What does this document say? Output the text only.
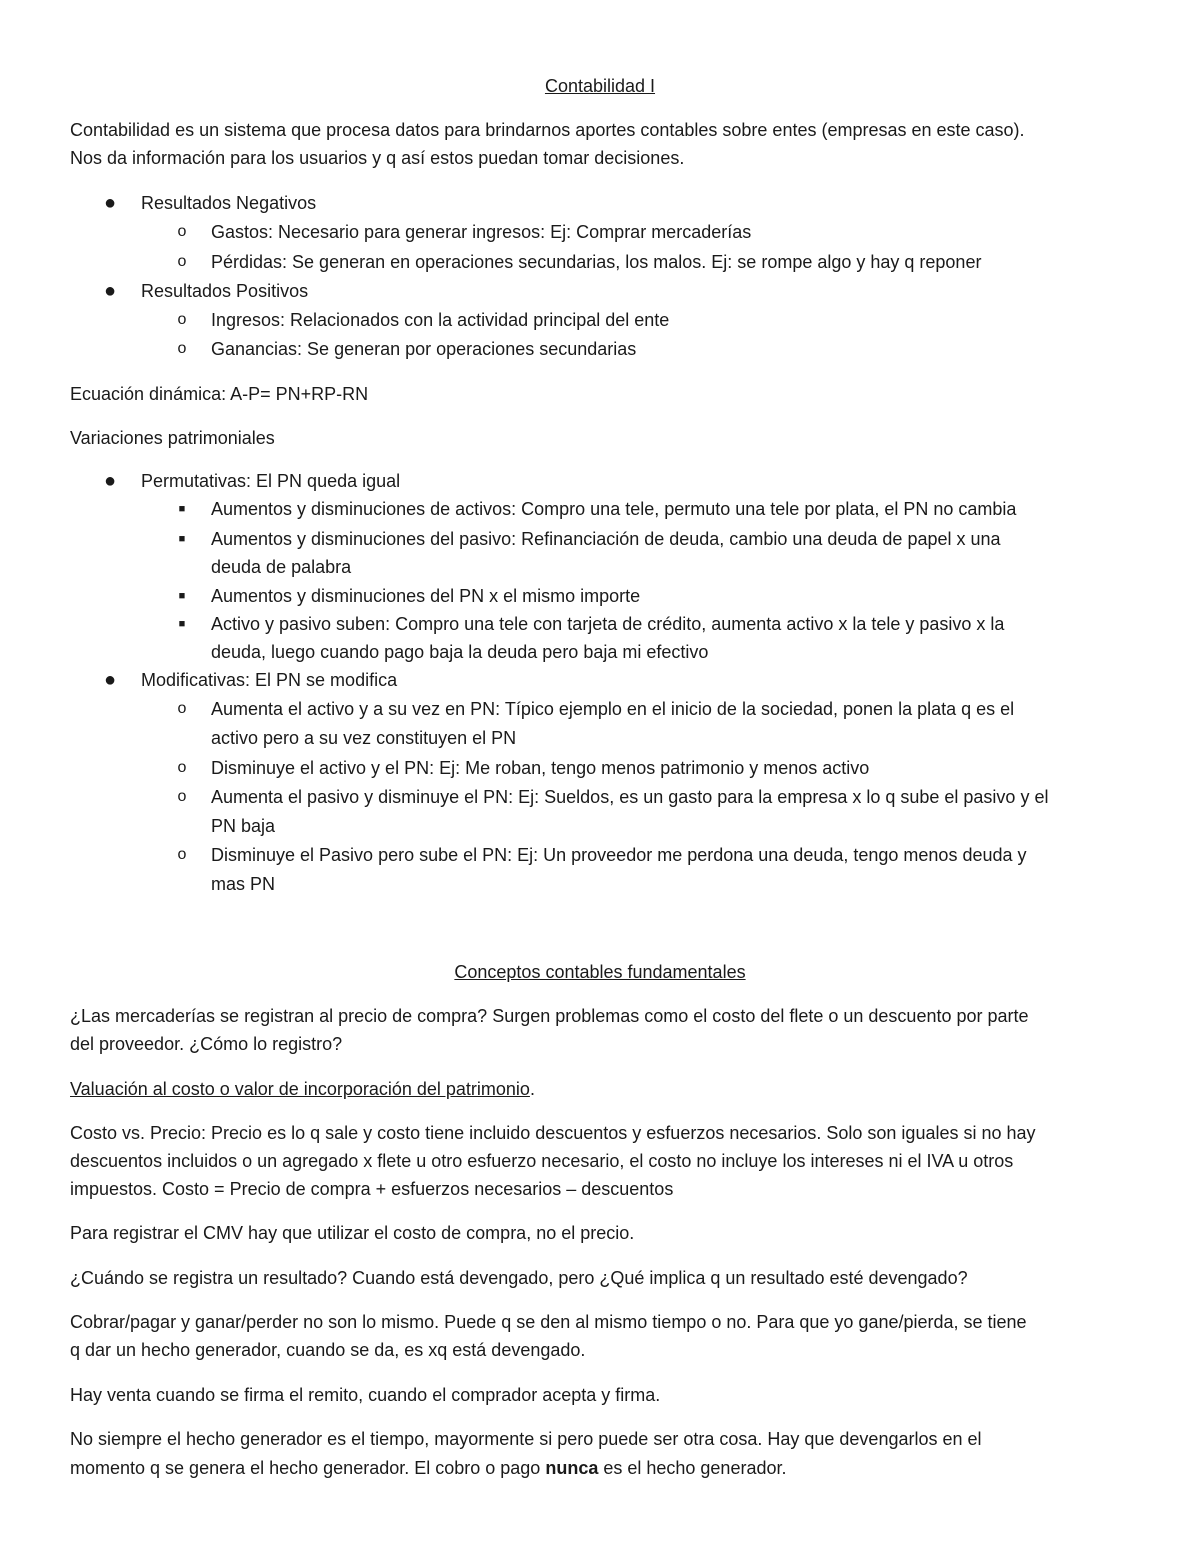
Contabilidad I
Contabilidad es un sistema que procesa datos para brindarnos aportes contables sobre entes (empresas en este caso).
Nos da información para los usuarios y q así estos puedan tomar decisiones.
● Resultados Negativos
o	Gastos: Necesario para generar ingresos: Ej: Comprar mercaderías
o	Pérdidas: Se generan en operaciones secundarias, los malos. Ej: se rompe algo y hay q reponer
● Resultados Positivos
o	Ingresos: Relacionados con la actividad principal del ente
o	Ganancias: Se generan por operaciones secundarias
Ecuación dinámica: A-P= PN+RP-RN
Variaciones patrimoniales
● Permutativas: El PN queda igual
■	Aumentos y disminuciones de activos: Compro una tele, permuto una tele por plata, el PN no cambia
■	Aumentos y disminuciones del pasivo: Refinanciación de deuda, cambio una deuda de papel x una
deuda de palabra
■	Aumentos y disminuciones del PN x el mismo importe
■	Activo y pasivo suben: Compro una tele con tarjeta de crédito, aumenta activo x la tele y pasivo x la
deuda, luego cuando pago baja la deuda pero baja mi efectivo
● Modificativas: El PN se modifica
o	Aumenta el activo y a su vez en PN: Típico ejemplo en el inicio de la sociedad, ponen la plata q es el
activo pero a su vez constituyen el PN
o	Disminuye el activo y el PN: Ej: Me roban, tengo menos patrimonio y menos activo
o	Aumenta el pasivo y disminuye el PN: Ej: Sueldos, es un gasto para la empresa x lo q sube el pasivo y el
PN baja
o	Disminuye el Pasivo pero sube el PN: Ej: Un proveedor me perdona una deuda, tengo menos deuda y
mas PN
Conceptos contables fundamentales
¿Las mercaderías se registran al precio de compra? Surgen problemas como el costo del flete o un descuento por parte
del proveedor. ¿Cómo lo registro?
Valuación al costo o valor de incorporación del patrimonio.
Costo vs. Precio: Precio es lo q sale y costo tiene incluido descuentos y esfuerzos necesarios. Solo son iguales si no hay
descuentos incluidos o un agregado x flete u otro esfuerzo necesario, el costo no incluye los intereses ni el IVA u otros
impuestos. Costo = Precio de compra + esfuerzos necesarios – descuentos
Para registrar el CMV hay que utilizar el costo de compra, no el precio.
¿Cuándo se registra un resultado? Cuando está devengado, pero ¿Qué implica q un resultado esté devengado?
Cobrar/pagar y ganar/perder no son lo mismo. Puede q se den al mismo tiempo o no. Para que yo gane/pierda, se tiene
q dar un hecho generador, cuando se da, es xq está devengado.
Hay venta cuando se firma el remito, cuando el comprador acepta y firma.
No siempre el hecho generador es el tiempo, mayormente si pero puede ser otra cosa. Hay que devengarlos en el
momento q se genera el hecho generador. El cobro o pago nunca es el hecho generador.
